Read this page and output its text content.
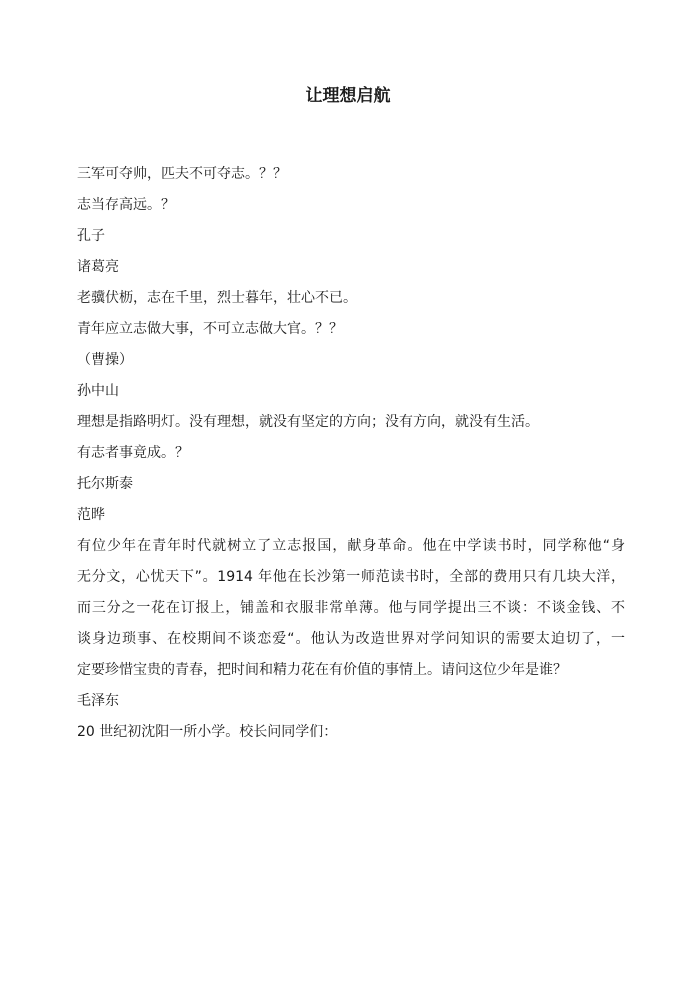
让理想启航
三军可夺帅，匹夫不可夺志。？？
志当存高远。？
孔子
诸葛亮
老骥伏枥，志在千里，烈士暮年，壮心不已。
青年应立志做大事，不可立志做大官。？？
（曹操）
孙中山
理想是指路明灯。没有理想，就没有坚定的方向；没有方向，就没有生活。
有志者事竟成。？
托尔斯泰
范晔
有位少年在青年时代就树立了立志报国，献身革命。他在中学读书时，同学称他“身
无分文，心忧天下”。1914 年他在长沙第一师范读书时，全部的费用只有几块大洋，
而三分之一花在订报上，铺盖和衣服非常单薄。他与同学提出三不谈：不谈金钱、不
谈身边琐事、在校期间不谈恋爱“。他认为改造世界对学问知识的需要太迫切了，一
定要珍惜宝贵的青春，把时间和精力花在有价值的事情上。请问这位少年是谁？
毛泽东
20 世纪初沈阳一所小学。校长问同学们：
